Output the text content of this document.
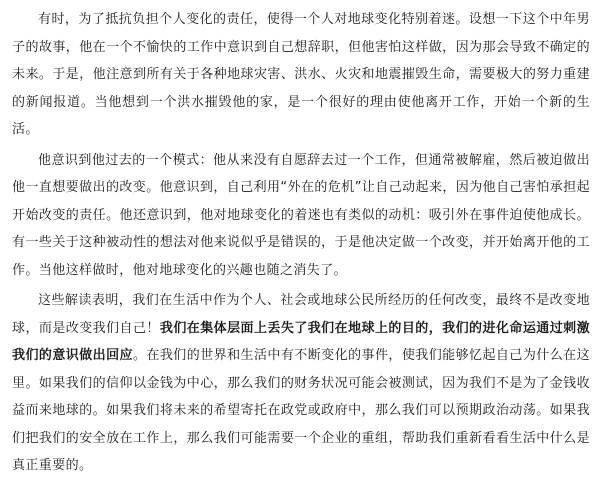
有时，为了抵抗负担个人变化的责任，使得一个人对地球变化特别着迷。设想一下这个中年男子的故事，他在一个不愉快的工作中意识到自己想辞职，但他害怕这样做，因为那会导致不确定的未来。于是，他注意到所有关于各种地球灾害、洪水、火灾和地震摧毁生命，需要极大的努力重建的新闻报道。当他想到一个洪水摧毁他的家，是一个很好的理由使他离开工作，开始一个新的生活。

他意识到他过去的一个模式：他从来没有自愿辞去过一个工作，但通常被解雇，然后被迫做出他一直想要做出的改变。他意识到，自己利用“外在的危机”让自己动起来，因为他自己害怕承担起开始改变的责任。他还意识到，他对地球变化的着迷也有类似的动机：吸引外在事件迫使他成长。有一些关于这种被动性的想法对他来说似乎是错误的，于是他决定做一个改变，并开始离开他的工作。当他这样做时，他对地球变化的兴趣也随之消失了。

这些解读表明，我们在生活中作为个人、社会或地球公民所经历的任何改变，最终不是改变地球，而是改变我们自己！我们在集体层面上丢失了我们在地球上的目的，我们的进化命运通过刺激我们的意识做出回应。在我们的世界和生活中有不断变化的事件，使我们能够忆起自己为什么在这里。如果我们的信仰以金钱为中心，那么我们的财务状况可能会被测试，因为我们不是为了金钱收益而来地球的。如果我们将未来的希望寄托在政党或政府中，那么我们可以预期政治动荡。如果我们把我们的安全放在工作上，那么我们可能需要一个企业的重组，帮助我们重新看看生活中什么是真正重要的。
